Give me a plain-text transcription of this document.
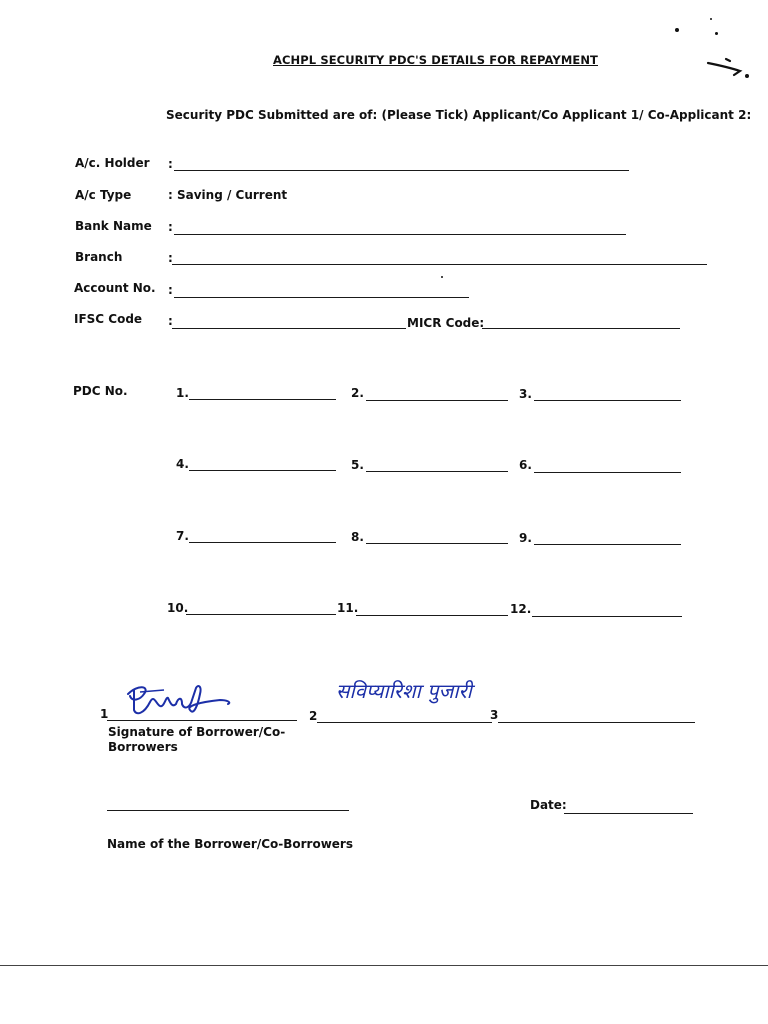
ACHPL SECURITY PDC'S DETAILS FOR REPAYMENT
Security PDC Submitted are of: (Please Tick) Applicant/Co Applicant 1/ Co-Applicant 2:
A/c. Holder :
A/c Type	: Saving / Current
Bank Name :
Branch	:
Account No. :
IFSC Code :	MICR Code:
PDC No.	1.	2.	3.
4.	5.	6.
7.	8.	9.
10.	11.	12.
1
सविप्यारिशा पुजारी
2	3
Signature of Borrower/Co-
Borrowers
Date:
Name of the Borrower/Co-Borrowers
